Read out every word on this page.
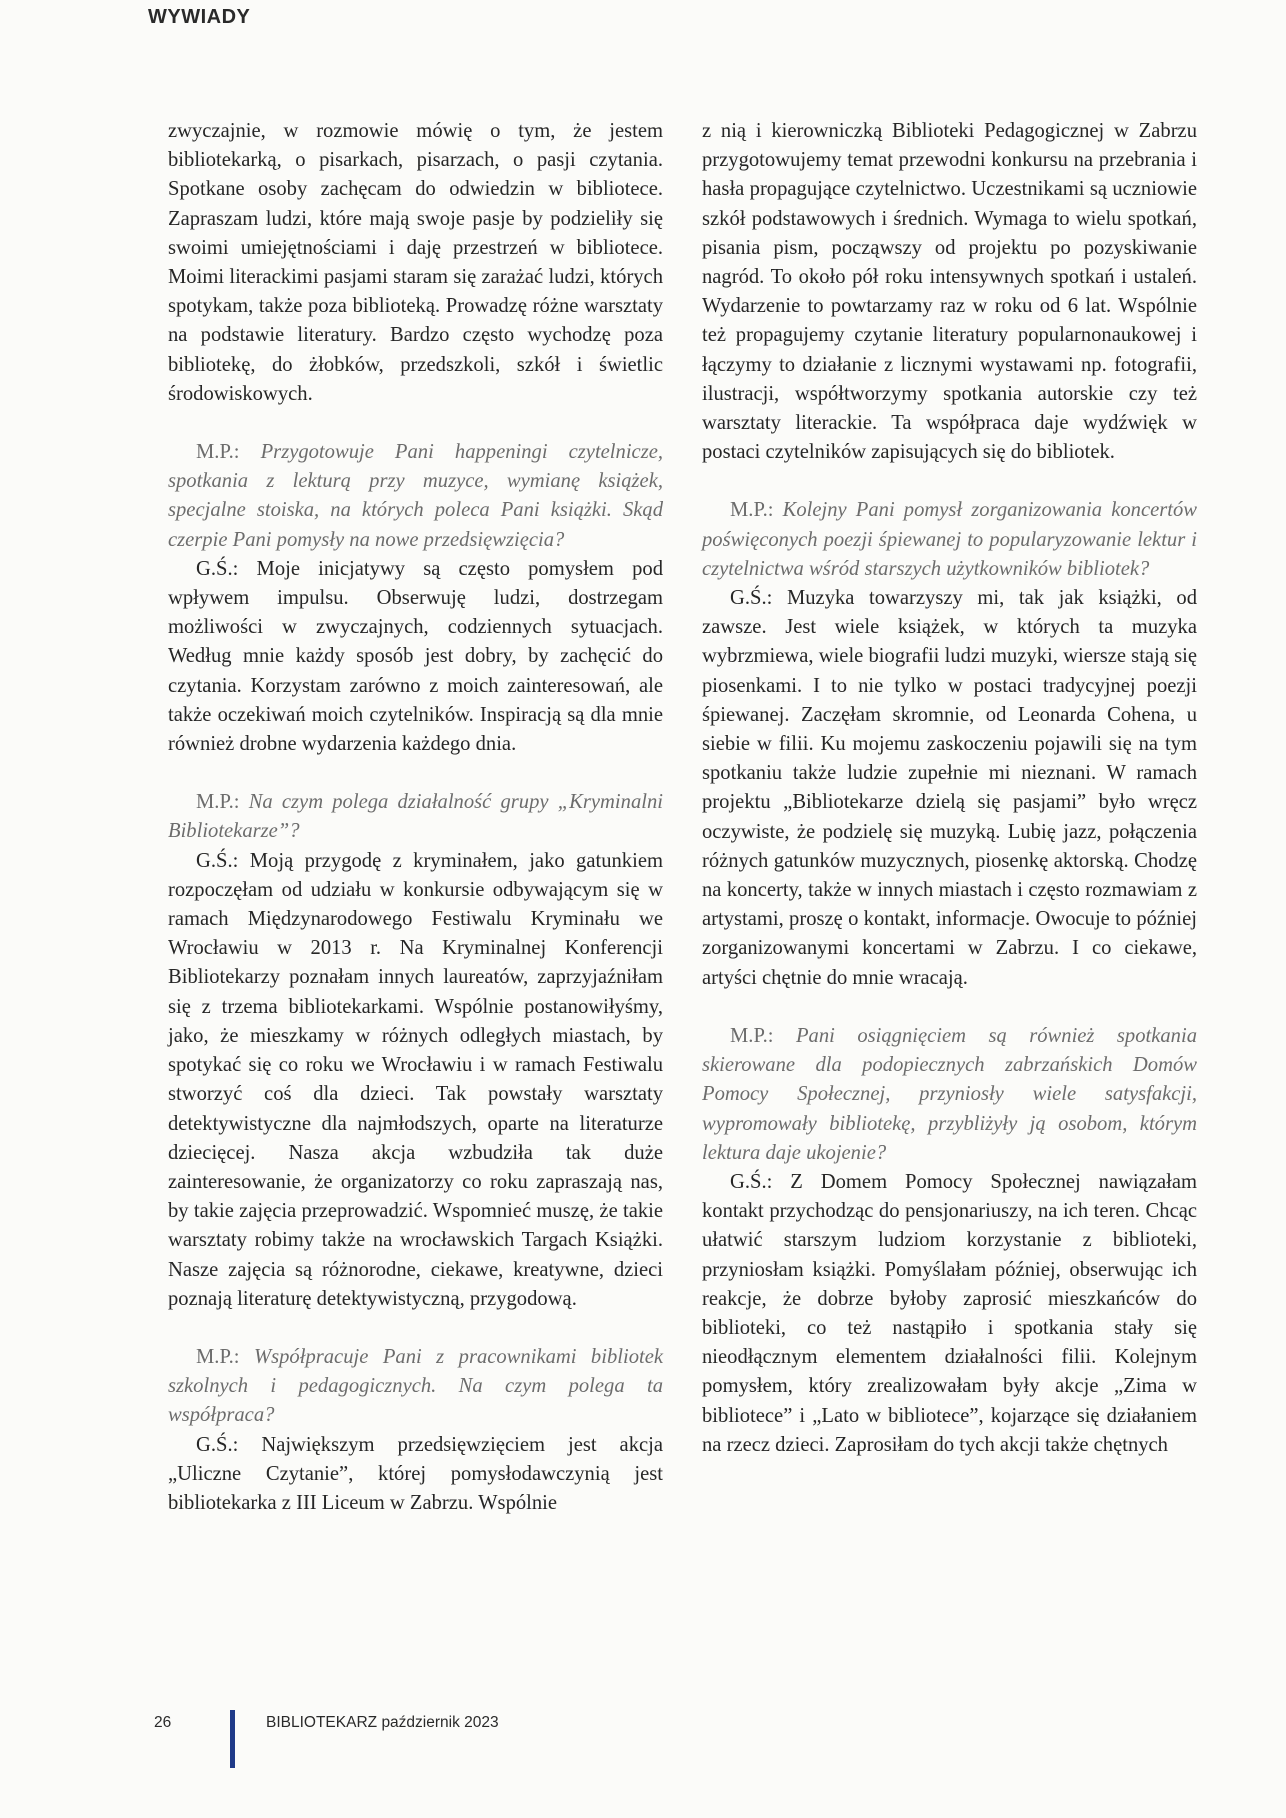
WYWIADY

zwyczajnie, w rozmowie mówię o tym, że jestem bibliotekarką, o pisarkach, pisarzach, o pasji czytania. Spotkane osoby zachęcam do odwiedzin w bibliotece. Zapraszam ludzi, które mają swoje pasje by podzieliły się swoimi umiejętnościami i daję przestrzeń w bibliotece. Moimi literackimi pasjami staram się zarażać ludzi, których spotykam, także poza biblioteką. Prowadzę różne warsztaty na podstawie literatury. Bardzo często wychodzę poza bibliotekę, do żłobków, przedszkoli, szkół i świetlic środowiskowych.

M.P.: Przygotowuje Pani happeningi czytelnicze, spotkania z lekturą przy muzyce, wymianę książek, specjalne stoiska, na których poleca Pani książki. Skąd czerpie Pani pomysły na nowe przedsięwzięcia?

G.Ś.: Moje inicjatywy są często pomysłem pod wpływem impulsu. Obserwuję ludzi, dostrzegam możliwości w zwyczajnych, codziennych sytuacjach. Według mnie każdy sposób jest dobry, by zachęcić do czytania. Korzystam zarówno z moich zainteresowań, ale także oczekiwań moich czytelników. Inspiracją są dla mnie również drobne wydarzenia każdego dnia.

M.P.: Na czym polega działalność grupy „Kryminalni Bibliotekarze”?

G.Ś.: Moją przygodę z kryminałem, jako gatunkiem rozpoczęłam od udziału w konkursie odbywającym się w ramach Międzynarodowego Festiwalu Kryminału we Wrocławiu w 2013 r. Na Kryminalnej Konferencji Bibliotekarzy poznałam innych laureatów, zaprzyjaźniłam się z trzema bibliotekarkami. Wspólnie postanowiłyśmy, jako, że mieszkamy w różnych odległych miastach, by spotykać się co roku we Wrocławiu i w ramach Festiwalu stworzyć coś dla dzieci. Tak powstały warsztaty detektywistyczne dla najmłodszych, oparte na literaturze dziecięcej. Nasza akcja wzbudziła tak duże zainteresowanie, że organizatorzy co roku zapraszają nas, by takie zajęcia przeprowadzić. Wspomnieć muszę, że takie warsztaty robimy także na wrocławskich Targach Książki. Nasze zajęcia są różnorodne, ciekawe, kreatywne, dzieci poznają literaturę detektywistyczną, przygodową.

M.P.: Współpracuje Pani z pracownikami bibliotek szkolnych i pedagogicznych. Na czym polega ta współpraca?

G.Ś.: Największym przedsięwzięciem jest akcja „Uliczne Czytanie”, której pomysłodawczynią jest bibliotekarka z III Liceum w Zabrzu. Wspólnie

z nią i kierowniczką Biblioteki Pedagogicznej w Zabrzu przygotowujemy temat przewodni konkursu na przebrania i hasła propagujące czytelnictwo. Uczestnikami są uczniowie szkół podstawowych i średnich. Wymaga to wielu spotkań, pisania pism, począwszy od projektu po pozyskiwanie nagród. To około pół roku intensywnych spotkań i ustaleń. Wydarzenie to powtarzamy raz w roku od 6 lat. Wspólnie też propagujemy czytanie literatury popularnonaukowej i łączymy to działanie z licznymi wystawami np. fotografii, ilustracji, współtworzymy spotkania autorskie czy też warsztaty literackie. Ta współpraca daje wydźwięk w postaci czytelników zapisujących się do bibliotek.

M.P.: Kolejny Pani pomysł zorganizowania koncertów poświęconych poezji śpiewanej to popularyzowanie lektur i czytelnictwa wśród starszych użytkowników bibliotek?

G.Ś.: Muzyka towarzyszy mi, tak jak książki, od zawsze. Jest wiele książek, w których ta muzyka wybrzmiewa, wiele biografii ludzi muzyki, wiersze stają się piosenkami. I to nie tylko w postaci tradycyjnej poezji śpiewanej. Zaczęłam skromnie, od Leonarda Cohena, u siebie w filii. Ku mojemu zaskoczeniu pojawili się na tym spotkaniu także ludzie zupełnie mi nieznani. W ramach projektu „Bibliotekarze dzielą się pasjami” było wręcz oczywiste, że podzielę się muzyką. Lubię jazz, połączenia różnych gatunków muzycznych, piosenkę aktorską. Chodzę na koncerty, także w innych miastach i często rozmawiam z artystami, proszę o kontakt, informacje. Owocuje to później zorganizowanymi koncertami w Zabrzu. I co ciekawe, artyści chętnie do mnie wracają.

M.P.: Pani osiągnięciem są również spotkania skierowane dla podopiecznych zabrzańskich Domów Pomocy Społecznej, przyniosły wiele satysfakcji, wypromowały bibliotekę, przybliżyły ją osobom, którym lektura daje ukojenie?

G.Ś.: Z Domem Pomocy Społecznej nawiązałam kontakt przychodząc do pensjonariuszy, na ich teren. Chcąc ułatwić starszym ludziom korzystanie z biblioteki, przyniosłam książki. Pomyślałam później, obserwując ich reakcje, że dobrze byłoby zaprosić mieszkańców do biblioteki, co też nastąpiło i spotkania stały się nieodłącznym elementem działalności filii. Kolejnym pomysłem, który zrealizowałam były akcje „Zima w bibliotece” i „Lato w bibliotece”, kojarzące się działaniem na rzecz dzieci. Zaprosiłam do tych akcji także chętnych

26	BIBLIOTEKARZ październik 2023
